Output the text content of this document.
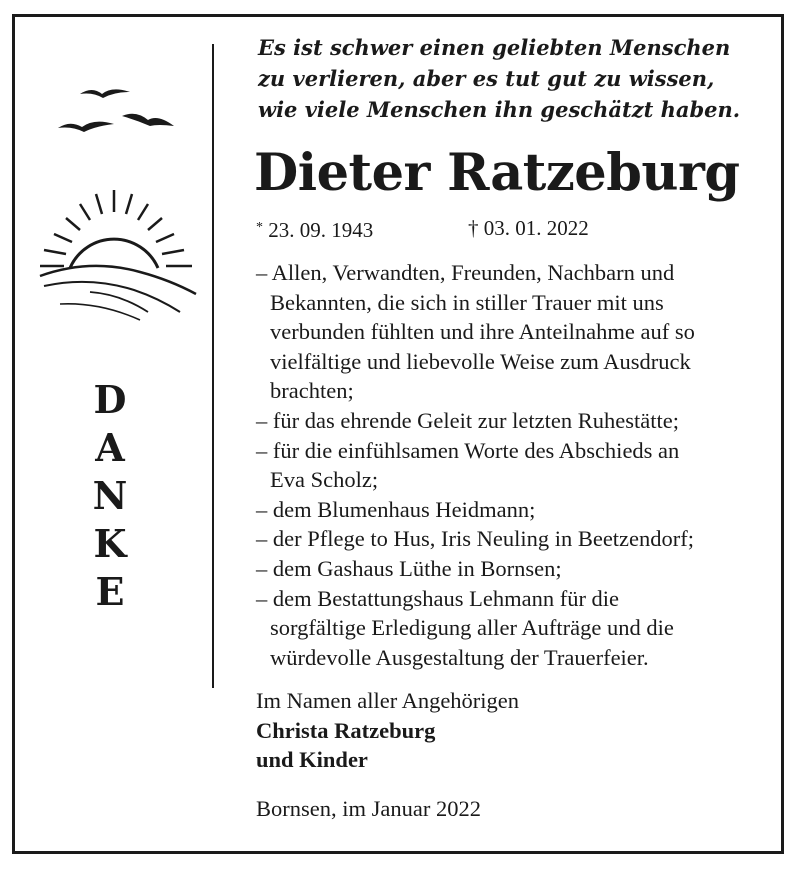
D
A
N
K
E
Es ist schwer einen geliebten Menschen
zu verlieren, aber es tut gut zu wissen,
wie viele Menschen ihn geschätzt haben.
Dieter Ratzeburg
* 23. 09. 1943	† 03. 01. 2022
– Allen, Verwandten, Freunden, Nachbarn und
Bekannten, die sich in stiller Trauer mit uns
verbunden fühlten und ihre Anteilnahme auf so
vielfältige und liebevolle Weise zum Ausdruck
brachten;
– für das ehrende Geleit zur letzten Ruhestätte;
– für die einfühlsamen Worte des Abschieds an
Eva Scholz;
– dem Blumenhaus Heidmann;
– der Pflege to Hus, Iris Neuling in Beetzendorf;
– dem Gashaus Lüthe in Bornsen;
– dem Bestattungshaus Lehmann für die
sorgfältige Erledigung aller Aufträge und die
würdevolle Ausgestaltung der Trauerfeier.
Im Namen aller Angehörigen
Christa Ratzeburg
und Kinder
Bornsen, im Januar 2022
